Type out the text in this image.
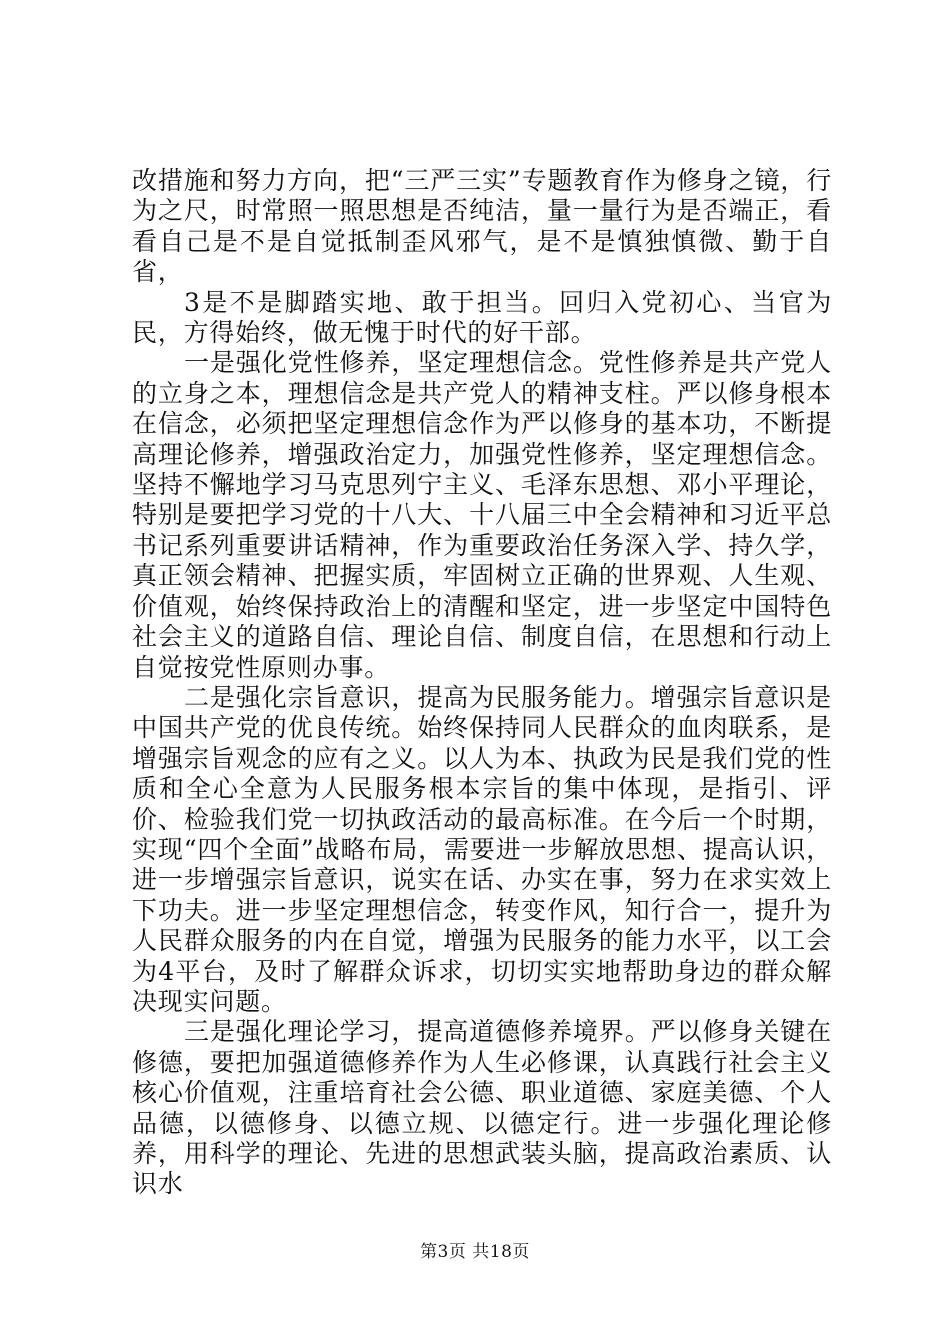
改措施和努力方向，把“三严三实”专题教育作为修身之镜，行为之尺，时常照一照思想是否纯洁，量一量行为是否端正，看看自己是不是自觉抵制歪风邪气，是不是慎独慎微、勤于自省，

3是不是脚踏实地、敢于担当。回归入党初心、当官为民，方得始终，做无愧于时代的好干部。

一是强化党性修养，坚定理想信念。党性修养是共产党人的立身之本，理想信念是共产党人的精神支柱。严以修身根本在信念，必须把坚定理想信念作为严以修身的基本功，不断提高理论修养，增强政治定力，加强党性修养，坚定理想信念。坚持不懈地学习马克思列宁主义、毛泽东思想、邓小平理论，特别是要把学习党的十八大、十八届三中全会精神和习近平总书记系列重要讲话精神，作为重要政治任务深入学、持久学，真正领会精神、把握实质，牢固树立正确的世界观、人生观、价值观，始终保持政治上的清醒和坚定，进一步坚定中国特色社会主义的道路自信、理论自信、制度自信，在思想和行动上自觉按党性原则办事。

二是强化宗旨意识，提高为民服务能力。增强宗旨意识是中国共产党的优良传统。始终保持同人民群众的血肉联系，是增强宗旨观念的应有之义。以人为本、执政为民是我们党的性质和全心全意为人民服务根本宗旨的集中体现，是指引、评价、检验我们党一切执政活动的最高标准。在今后一个时期，实现“四个全面”战略布局，需要进一步解放思想、提高认识，进一步增强宗旨意识，说实在话、办实在事，努力在求实效上下功夫。进一步坚定理想信念，转变作风，知行合一，提升为人民群众服务的内在自觉，增强为民服务的能力水平，以工会为4平台，及时了解群众诉求，切切实实地帮助身边的群众解决现实问题。

三是强化理论学习，提高道德修养境界。严以修身关键在修德，要把加强道德修养作为人生必修课，认真践行社会主义核心价值观，注重培育社会公德、职业道德、家庭美德、个人品德，以德修身、以德立规、以德定行。进一步强化理论修养，用科学的理论、先进的思想武装头脑，提高政治素质、认识水

第3页 共18页
